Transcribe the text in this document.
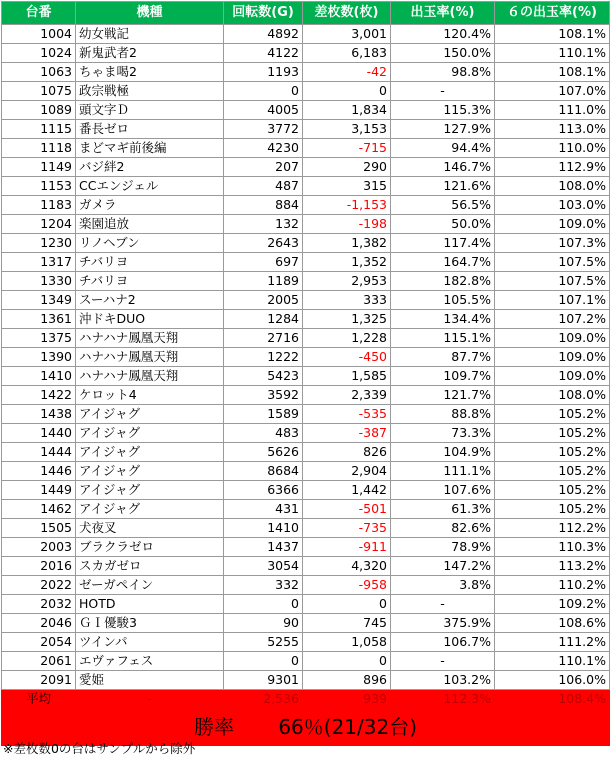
台番	機種	回転数(G)	差枚数(枚)	出玉率(%)	６の出玉率(%)
1004	幼女戦記	4892	3,001	120.4%	108.1%
1024	新鬼武者2	4122	6,183	150.0%	110.1%
1063	ちゃま喝2	1193	-42	98.8%	108.1%
1075	政宗戦極	0	0	-	107.0%
1089	頭文字Ｄ	4005	1,834	115.3%	111.0%
1115	番長ゼロ	3772	3,153	127.9%	113.0%
1118	まどマギ前後編	4230	-715	94.4%	110.0%
1149	バジ絆2	207	290	146.7%	112.9%
1153	CCエンジェル	487	315	121.6%	108.0%
1183	ガメラ	884	-1,153	56.5%	103.0%
1204	楽園追放	132	-198	50.0%	109.0%
1230	リノヘブン	2643	1,382	117.4%	107.3%
1317	チバリヨ	697	1,352	164.7%	107.5%
1330	チバリヨ	1189	2,953	182.8%	107.5%
1349	スーハナ2	2005	333	105.5%	107.1%
1361	沖ドキDUO	1284	1,325	134.4%	107.2%
1375	ハナハナ鳳凰天翔	2716	1,228	115.1%	109.0%
1390	ハナハナ鳳凰天翔	1222	-450	87.7%	109.0%
1410	ハナハナ鳳凰天翔	5423	1,585	109.7%	109.0%
1422	ケロット4	3592	2,339	121.7%	108.0%
1438	アイジャグ	1589	-535	88.8%	105.2%
1440	アイジャグ	483	-387	73.3%	105.2%
1444	アイジャグ	5626	826	104.9%	105.2%
1446	アイジャグ	8684	2,904	111.1%	105.2%
1449	アイジャグ	6366	1,442	107.6%	105.2%
1462	アイジャグ	431	-501	61.3%	105.2%
1505	犬夜叉	1410	-735	82.6%	112.2%
2003	ブラクラゼロ	1437	-911	78.9%	110.3%
2016	スカガゼロ	3054	4,320	147.2%	113.2%
2022	ゼーガペイン	332	-958	3.8%	110.2%
2032	HOTD	0	0	-	109.2%
2046	ＧＩ優駿3	90	745	375.9%	108.6%
2054	ツインパ	5255	1,058	106.7%	111.2%
2061	エヴァフェス	0	0	-	110.1%
2091	愛姫	9301	896	103.2%	106.0%
平均	-	2,536	939	112.3%	108.4%
勝率 66％(21/32台)					
※差枚数0の台はサンプルから除外
